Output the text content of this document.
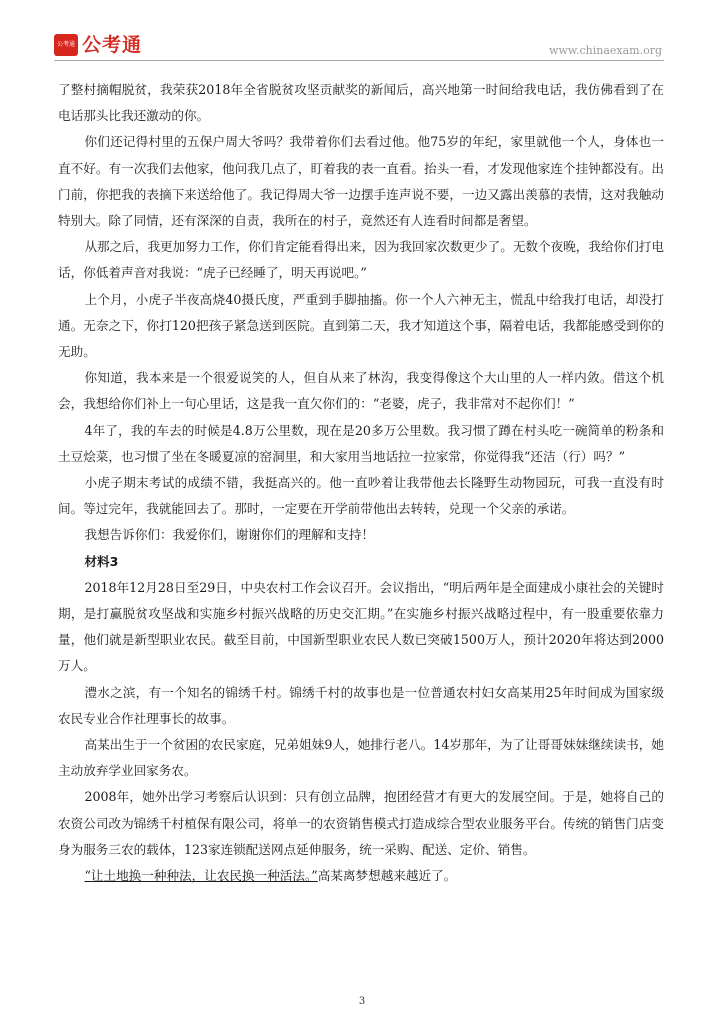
公考通 公考通	www.chinaexam.org

了整村摘帽脱贫，我荣获2018年全省脱贫攻坚贡献奖的新闻后，高兴地第一时间给我电话，我仿佛看到了在电话那头比我还激动的你。

你们还记得村里的五保户周大爷吗？我带着你们去看过他。他75岁的年纪，家里就他一个人，身体也一直不好。有一次我们去他家，他问我几点了，盯着我的表一直看。抬头一看，才发现他家连个挂钟都没有。出门前，你把我的表摘下来送给他了。我记得周大爷一边摆手连声说不要，一边又露出羡慕的表情，这对我触动特别大。除了同情，还有深深的自责，我所在的村子，竟然还有人连看时间都是奢望。

从那之后，我更加努力工作，你们肯定能看得出来，因为我回家次数更少了。无数个夜晚，我给你们打电话，你低着声音对我说：“虎子已经睡了，明天再说吧。”

上个月，小虎子半夜高烧40摄氏度，严重到手脚抽搐。你一个人六神无主，慌乱中给我打电话，却没打通。无奈之下，你打120把孩子紧急送到医院。直到第二天，我才知道这个事，隔着电话，我都能感受到你的无助。

你知道，我本来是一个很爱说笑的人，但自从来了林沟，我变得像这个大山里的人一样内敛。借这个机会，我想给你们补上一句心里话，这是我一直欠你们的：“老婆，虎子，我非常对不起你们！”

4年了，我的车去的时候是4.8万公里数，现在是20多万公里数。我习惯了蹲在村头吃一碗简单的粉条和土豆烩菜，也习惯了坐在冬暖夏凉的窑洞里，和大家用当地话拉一拉家常，你觉得我“还洁（行）吗？”

小虎子期末考试的成绩不错，我挺高兴的。他一直吵着让我带他去长隆野生动物园玩，可我一直没有时间。等过完年，我就能回去了。那时，一定要在开学前带他出去转转，兑现一个父亲的承诺。

我想告诉你们：我爱你们，谢谢你们的理解和支持！

材料3

2018年12月28日至29日，中央农村工作会议召开。会议指出，“明后两年是全面建成小康社会的关键时期，是打赢脱贫攻坚战和实施乡村振兴战略的历史交汇期。”在实施乡村振兴战略过程中，有一股重要依靠力量，他们就是新型职业农民。截至目前，中国新型职业农民人数已突破1500万人，预计2020年将达到2000 万人。

澧水之滨，有一个知名的锦绣千村。锦绣千村的故事也是一位普通农村妇女高某用25年时间成为国家级农民专业合作社理事长的故事。

高某出生于一个贫困的农民家庭，兄弟姐妹9人，她排行老八。14岁那年，为了让哥哥妹妹继续读书，她主动放弃学业回家务农。

2008年，她外出学习考察后认识到：只有创立品牌，抱团经营才有更大的发展空间。于是，她将自己的农资公司改为锦绣千村植保有限公司，将单一的农资销售模式打造成综合型农业服务平台。传统的销售门店变身为服务三农的载体，123家连锁配送网点延伸服务，统一采购、配送、定价、销售。

“让土地换一种种法，让农民换一种活法。”高某离梦想越来越近了。

3
